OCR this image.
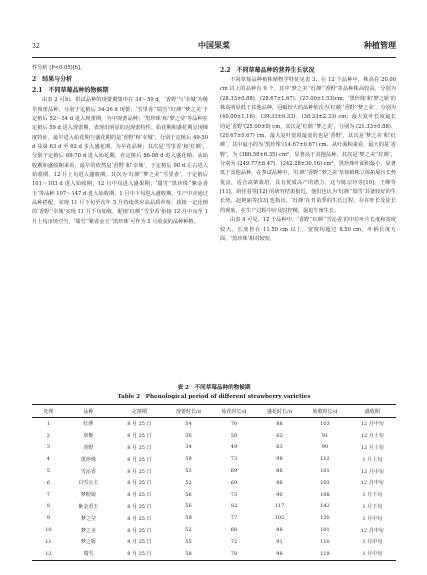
32	中国果菜	种植管理

性分析 (P<0.05)[6]。

2　结果与分析
2.1　不同草莓品种的物候期

由表 2 可知，供试品种的现蕾期集中在 34～59 d，‘香野’与‘幸城’为极早现蕾品种，分别于定植后 34-36 d 现蕾；‘雪里香’‘瑞雪’‘红颜’‘梦之美’于定植后 52～54 d 进入现蕾期，为中现蕾品种；‘黑珍珠’和‘梦之莹’等品种在定植后 59 d 进入现蕾期，表现出明显的迟现蕾特性。始花期和盛花期呈现梯度特征，最早进入始花期与盛花期的是‘香野’和‘幸城’，分别于定植后 49-50 d 及第 63 d 至 62 d 步入盛花期，为早花品种；其次是‘雪里香’和‘红颜’，分别于定植后 69-70 d 进入始花期，在定植后 86-88 d 进入盛花期。从始收期和盛收期来看，最早的依然是‘香野’和‘幸城’，于定植后 90 d 左右进入始收期，12 月上旬进入盛收期。其次为‘红颜’‘梦之美’‘雪里香’，于定植后 101～103 d 进入始收期，12 月中旬进入盛果期；‘瑞雪’‘黑珍珠’‘紫金香玉’等品种 107～147 d 进入始收期，1 月中下旬进入盛收期，生产中应通过品种搭配，实现 11 月下旬至次年 5 月持续供应高品质草莓；栽植一定比例的‘香野’‘幸城’实现 11 月下旬始收，配植‘红颜’‘雪里香’衔接 12 月中旬至 1 月上旬市场空当，‘瑞雪’‘紫香金玉’‘黑珍珠’可作为 5 月收获的品种种植。

2.2　不同草莓品种的营养生长状况

不同草莓品种植株植物学特征见表 3，在 12 个品种中，株高在 20.00 cm 以上的品种有 9 个，其中‘梦之美’‘红颜’‘香野’等品种株高较高，分别为 (28.33±0.88)、(28.67±1.67)、(27.00±1.53)cm；‘黑珍珠’和‘梦之娇’的株高明显低于其他品种，冠幅较大的品种依次为‘红颜’‘香野’‘梦之美’，分别为 (40.00±1.16)、(39.33±0.33)、(38.33±2.33) cm；最大复叶长度最长的是‘香野’(25.00±0) cm，其次是‘红颜’‘梦之美’，分别为 (21.33±0.88)、(20.67±0.67) cm，最大复叶宽度最宽的也是‘香野’，其次是‘梦之美’和‘红颜’。其中最小的为‘黑珍珠’(14.67±0.67) cm。从叶面积来看，最大的是‘香野’，为 (380.58±6.35) cm²，显著高于其他品种。其次是‘梦之美’‘红颜’，分别为 (249.77±8.47)、(242.28±30.16) cm²，黑珍珠叶面积最小，显著低于其他品种。在参试品种中，‘红颜’‘香野’‘梦之美’草莓植株立体拓展且长势优良，适合高架栽培，具有优质高产的潜力，这与陈宗玲等[10]、王峰等[11]、胡佳羽等[12] 的研究结果相近，他们也认为‘红颜’‘瑞雪’其备较好的生长势，赵艳丽等[13] 也指出，‘红颜’在育苗季的生长过程，存在旺长及徒长的现象，在生产过程中应及时控棵，促进生殖生长。

由表 4 可见，12 个品种中，‘香野’‘红颜’‘雪沁香’的中位叶片长度和宽度较大，长度皆在 11.50 cm 以上，宽度均超过 8.50 cm，叶柄长度方面，‘黑珍珠’相对较短，

表 2　不同草莓品种的物候期
Table 2　Phenological period of different strawberry varieties
处理	品种	定植期	现蕾时长/d	始花时长/d	盛花时长/d	始收时长/d	盛收期
1	红颜	8 月 25 日	54	70	88	103	12 月中旬
2	章姬	8 月 25 日	36	50	62	91	12 月上旬
3	香野	8 月 25 日	34	49	63	90	12 月上旬
4	黑珍珠	8 月 25 日	59	73	98	112	1 月上旬
5	雪沁香	8 月 25 日	53	69	86	101	12 月中旬
6	白雪公主	8 月 25 日	52	69	86	103	12 月中旬
7	梦粉娘	8 月 25 日	56	73	90	108	1 月下旬
8	紫金香玉	8 月 25 日	56	82	117	142	1 月下旬
9	梦之莹	8 月 25 日	59	77	102	120	1 月中旬
10	梦之美	8 月 25 日	52	68	88	101	12 月中旬
11	梦之娇	8 月 25 日	55	72	91	110	1 月中旬
12	瑞雪	8 月 25 日	58	78	98	119	1 月中旬
